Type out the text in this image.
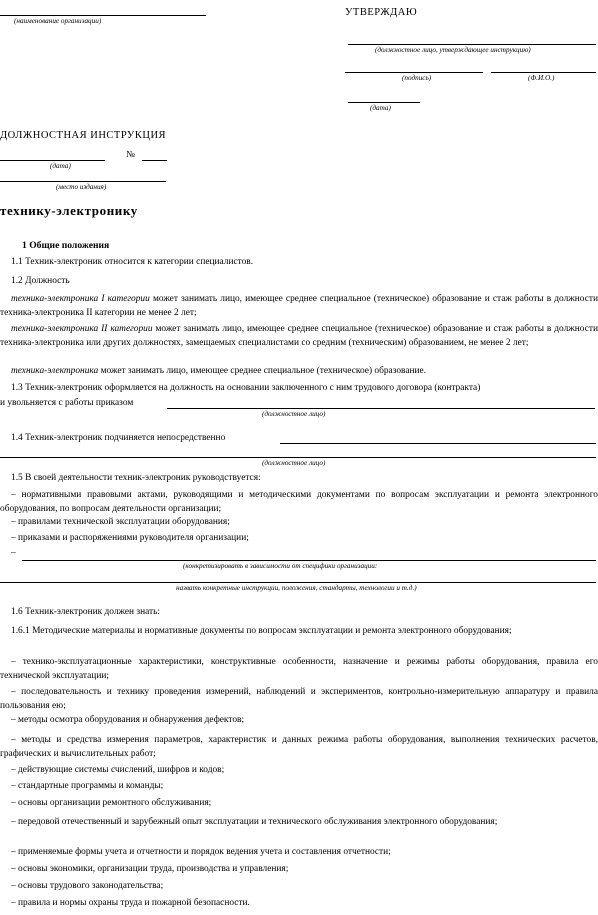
(наименование организации)
УТВЕРЖДАЮ
(должностное лицо, утверждающее инструкцию)
(подпись)	(Ф.И.О.)
(дата)
ДОЛЖНОСТНАЯ ИНСТРУКЦИЯ
№
(дата)
(место издания)
технику-электронику
1 Общие положения
1.1 Техник-электроник относится к категории специалистов.
1.2 Должность
техника-электроника I категории может занимать лицо, имеющее среднее специальное (техническое) образование и стаж работы в должности техника-электроника II категории не менее 2 лет;
техника-электроника II категории может занимать лицо, имеющее среднее специальное (техническое) образование и стаж работы в должности техника-электроника или других должностях, замещаемых специалистами со средним (техническим) образованием, не менее 2 лет;
техника-электроника может занимать лицо, имеющее среднее специальное (техническое) образование.
1.3 Техник-электроник оформляется на должность на основании заключенного с ним трудового договора (контракта)
и увольняется с работы приказом
(должностное лицо)
1.4 Техник-электроник подчиняется непосредственно
(должностное лицо)
1.5 В своей деятельности техник-электроник руководствуется:
– нормативными правовыми актами, руководящими и методическими документами по вопросам эксплуатации и ремонта электронного оборудования, по вопросам деятельности организации;
– правилами технической эксплуатации оборудования;
– приказами и распоряжениями руководителя организации;
–
(конкретизировать в зависимости от специфики организации:
назвать конкретные инструкции, положения, стандарты, технологии и т.д.)
1.6 Техник-электроник должен знать:
1.6.1 Методические материалы и нормативные документы по вопросам эксплуатации и ремонта электронного оборудования;
– технико-эксплуатационные характеристики, конструктивные особенности, назначение и режимы работы оборудования, правила его технической эксплуатации;
– последовательность и технику проведения измерений, наблюдений и экспериментов, контрольно-измерительную аппаратуру и правила пользования ею;
– методы осмотра оборудования и обнаружения дефектов;
– методы и средства измерения параметров, характеристик и данных режима работы оборудования, выполнения технических расчетов, графических и вычислительных работ;
– действующие системы счислений, шифров и кодов;
– стандартные программы и команды;
– основы организации ремонтного обслуживания;
– передовой отечественный и зарубежный опыт эксплуатации и технического обслуживания электронного оборудования;
– применяемые формы учета и отчетности и порядок ведения учета и составления отчетности;
– основы экономики, организации труда, производства и управления;
– основы трудового законодательства;
– правила и нормы охраны труда и пожарной безопасности.
